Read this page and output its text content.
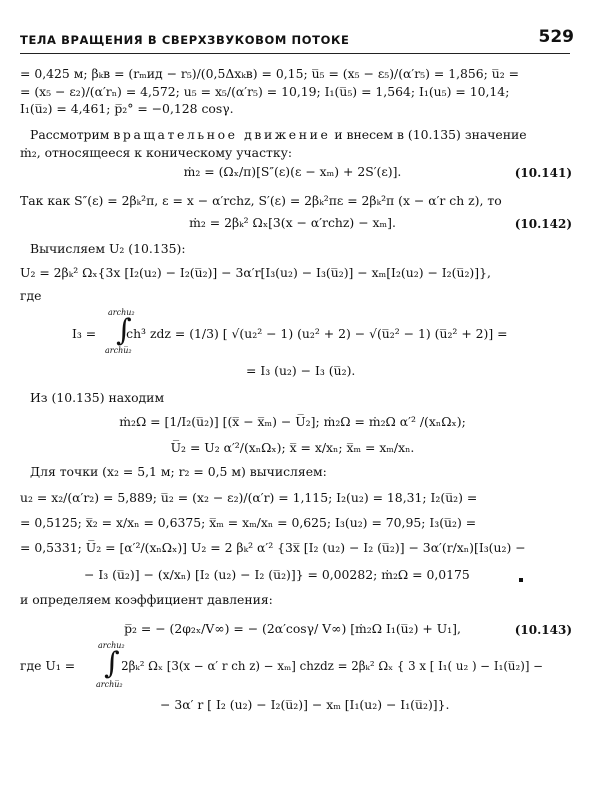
ТЕЛА ВРАЩЕНИЯ В СВЕРХЗВУКОВОМ ПОТОКЕ	529
= 0,425 м; βₖв = (rₘид − r₅)/(0,5Δxₖв) = 0,15; u̅₅ = (x₅ − ε₅)/(α′r₅) = 1,856; u̅₂ =
= (x₅ − ε₂)/(α′rₙ) = 4,572; u₅ = x₅/(α′r₅) = 10,19; I₁(u̅₅) = 1,564; I₁(u₅) = 10,14;
I₁(u̅₂) = 4,461; p̅₂° = −0,128 cosγ.
Рассмотрим вращательное движение и внесем в (10.135) значение
ṁ₂, относящееся к коническому участку:
ṁ₂ = (Ωₓ/π)[S″(ε)(ε − xₘ) + 2S′(ε)].	(10.141)
Так как S″(ε) = 2βₖ²π, ε = x − α′rchz, S′(ε) = 2βₖ²πε = 2βₖ²π (x − α′r ch z), то
ṁ₂ = 2βₖ² Ωₓ[3(x − α′rchz) − xₘ].	(10.142)
Вычисляем U₂ (10.135):
U₂ = 2βₖ² Ωₓ{3x [I₂(u₂) − I₂(u̅₂)] − 3α′r[I₃(u₂) − I₃(u̅₂)] − xₘ[I₂(u₂) − I₂(u̅₂)]},
где
archu₂
∫
archu̅₂
I₃ = ch³ zdz = (1/3) [ √(u₂² − 1) (u₂² + 2) − √(u̅₂² − 1) (u̅₂² + 2)] =
= I₃ (u₂) − I₃ (u̅₂).
Из (10.135) находим
ṁ₂Ω = [1/I₂(u̅₂)] [(x̅ − x̅ₘ) − U̅₂]; ṁ₂Ω = ṁ₂Ω α′² /(xₙΩₓ);
U̅₂ = U₂ α′²/(xₙΩₓ); x̅ = x/xₙ; x̅ₘ = xₘ/xₙ.
Для точки (x₂ = 5,1 м; r₂ = 0,5 м) вычисляем:
u₂ = x₂/(α′r₂) = 5,889; u̅₂ = (x₂ − ε₂)/(α′r) = 1,115; I₂(u₂) = 18,31; I₂(u̅₂) =
= 0,5125; x̅₂ = x/xₙ = 0,6375; x̅ₘ = xₘ/xₙ = 0,625; I₃(u₂) = 70,95; I₃(u̅₂) =
= 0,5331; U̅₂ = [α′²/(xₙΩₓ)] U₂ = 2 βₖ² α′² {3x̅ [I₂ (u₂) − I₂ (u̅₂)] − 3α′(r/xₙ)[I₃(u₂) −
− I₃ (u̅₂)] − (x/xₙ) [I₂ (u₂) − I₂ (u̅₂)]} = 0,00282; ṁ₂Ω = 0,0175
и определяем коэффициент давления:
p̅₂ = − (2φ₂ₓ/V∞) = − (2α′cosγ/ V∞) [ṁ₂Ω I₁(u̅₂) + U₁],	(10.143)
archu₂
∫
archu̅₂
где U₁ =	2βₖ² Ωₓ [3(x − α′ r ch z) − xₘ] chzdz = 2βₖ² Ωₓ { 3 x [ I₁( u₂ ) − I₁(u̅₂)] −
− 3α′ r [ I₂ (u₂) − I₂(u̅₂)] − xₘ [I₁(u₂) − I₁(u̅₂)]}.
